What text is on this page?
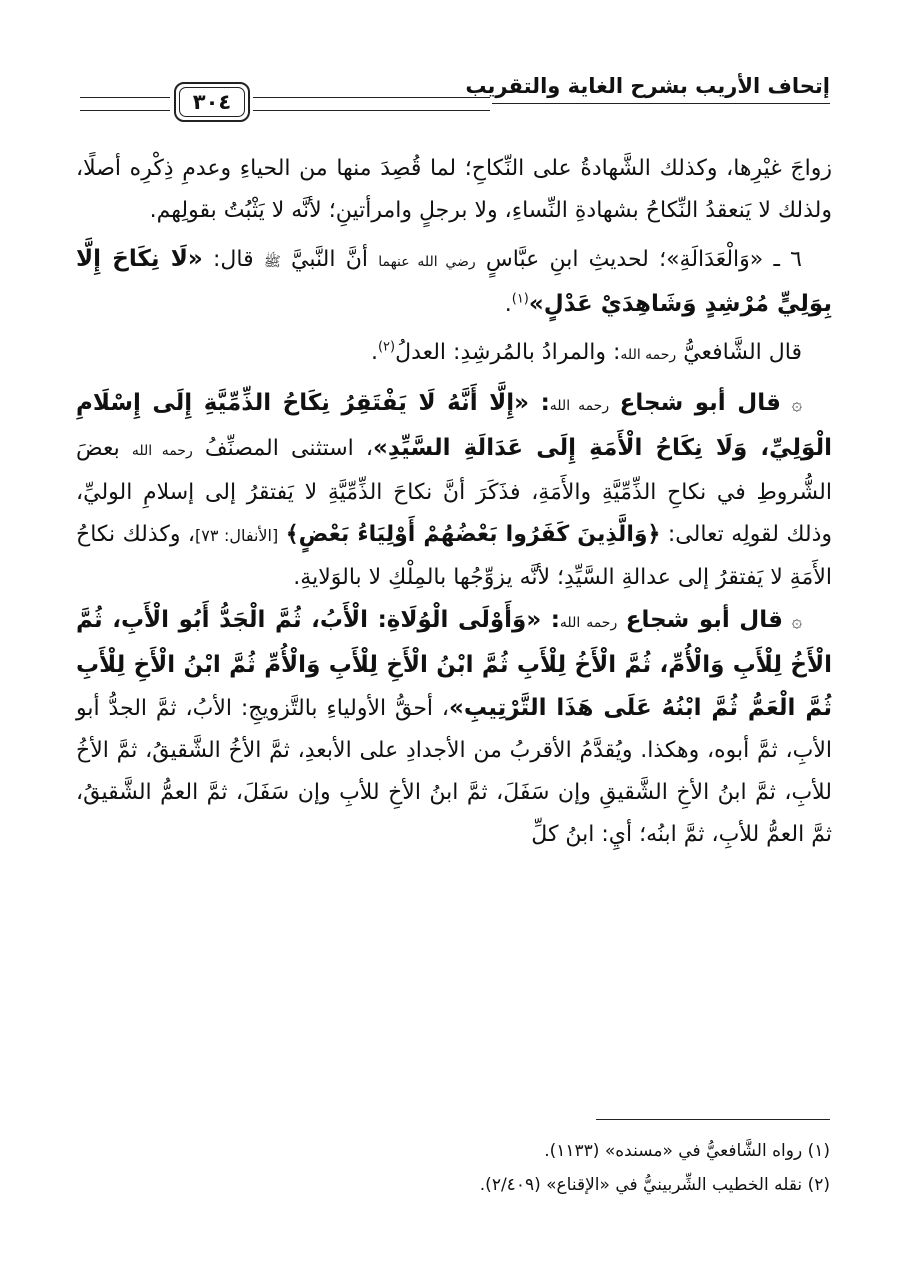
٣٠٤
إتحاف الأريب بشرح الغاية والتقريب

زواجَ غيْرِها، وكذلك الشَّهادةُ على النِّكاحِ؛ لما قُصِدَ منها من الحياءِ وعدمِ ذِكْرِه أصلًا، ولذلك لا يَنعقدُ النِّكاحُ بشهادةِ النِّساءِ، ولا برجلٍ وامرأتينِ؛ لأنَّه لا يَثْبُتُ بقولِهم.

٦ ـ «وَالْعَدَالَةِ»؛ لحديثِ ابنِ عبَّاسٍ رضي الله عنهما أنَّ النَّبيَّ ﷺ قال: «لَا نِكَاحَ إِلَّا بِوَلِيٍّ مُرْشِدٍ وَشَاهِدَيْ عَدْلٍ»$^{(١)}$.

قال الشَّافعيُّ رحمه الله: والمرادُ بالمُرشِدِ: العدلُ$^{(٢)}$.

۞ قال أبو شجاع رحمه الله: «إِلَّا أَنَّهُ لَا يَفْتَقِرُ نِكَاحُ الذِّمِّيَّةِ إِلَى إِسْلَامِ الْوَلِيِّ، وَلَا نِكَاحُ الْأَمَةِ إِلَى عَدَالَةِ السَّيِّدِ»، استثنى المصنِّفُ رحمه الله بعضَ الشُّروطِ في نكاحِ الذِّمِّيَّةِ والأَمَةِ، فذَكَرَ أنَّ نكاحَ الذِّمِّيَّةِ لا يَفتقرُ إلى إسلامِ الوليِّ، وذلك لقولِه تعالى: ﴿وَالَّذِينَ كَفَرُوا بَعْضُهُمْ أَوْلِيَاءُ بَعْضٍ﴾ [الأنفال: ٧٣]، وكذلك نكاحُ الأَمَةِ لا يَفتقرُ إلى عدالةِ السَّيِّدِ؛ لأنَّه يزوِّجُها بالمِلْكِ لا بالوَلايةِ.

۞ قال أبو شجاع رحمه الله: «وَأَوْلَى الْوُلَاةِ: الْأَبُ، ثُمَّ الْجَدُّ أَبُو الْأَبِ، ثُمَّ الْأَخُ لِلْأَبِ وَالْأُمِّ، ثُمَّ الْأَخُ لِلْأَبِ ثُمَّ ابْنُ الْأَخِ لِلْأَبِ وَالْأُمِّ ثُمَّ ابْنُ الْأَخِ لِلْأَبِ ثُمَّ الْعَمُّ ثُمَّ ابْنُهُ عَلَى هَذَا التَّرْتِيبِ»، أحقُّ الأولياءِ بالتَّزويجِ: الأبُ، ثمَّ الجدُّ أبو الأبِ، ثمَّ أبوه، وهكذا. ويُقدَّمُ الأقربُ من الأجدادِ على الأبعدِ، ثمَّ الأخُ الشَّقيقُ، ثمَّ الأخُ للأبِ، ثمَّ ابنُ الأخِ الشَّقيقِ وإن سَفَلَ، ثمَّ ابنُ الأخِ للأبِ وإن سَفَلَ، ثمَّ العمُّ الشَّقيقُ، ثمَّ العمُّ للأبِ، ثمَّ ابنُه؛ أيِ: ابنُ كلِّ

(١) رواه الشَّافعيُّ في «مسنده» (١١٣٣).
(٢) نقله الخطيب الشِّربينيُّ في «الإقناع» (٢/٤٠٩).
